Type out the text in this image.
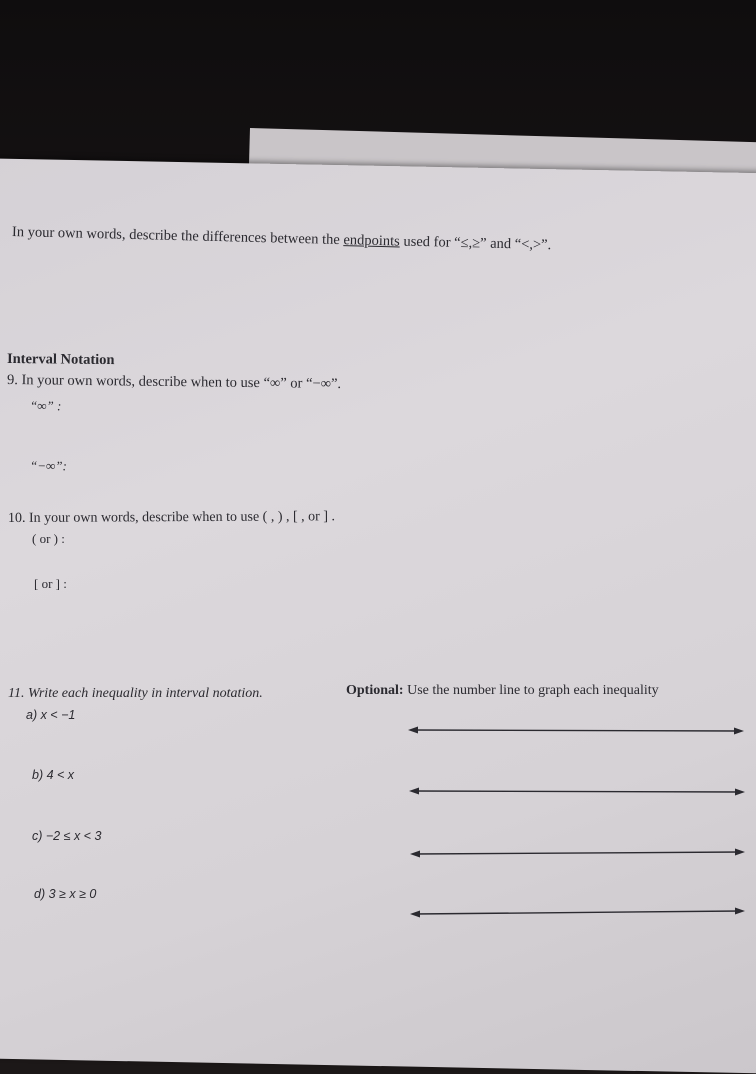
In your own words, describe the differences between the endpoints used for “≤,≥” and “<,>”.
Interval Notation
9. In your own words, describe when to use “∞” or “−∞”.
“∞” :
“−∞”:
10. In your own words, describe when to use ( , ) , [ , or ] .
( or ) :
[ or ] :
11. Write each inequality in interval notation.	Optional: Use the number line to graph each inequality
a) x < −1
b) 4 < x
c) −2 ≤ x < 3
d) 3 ≥ x ≥ 0
